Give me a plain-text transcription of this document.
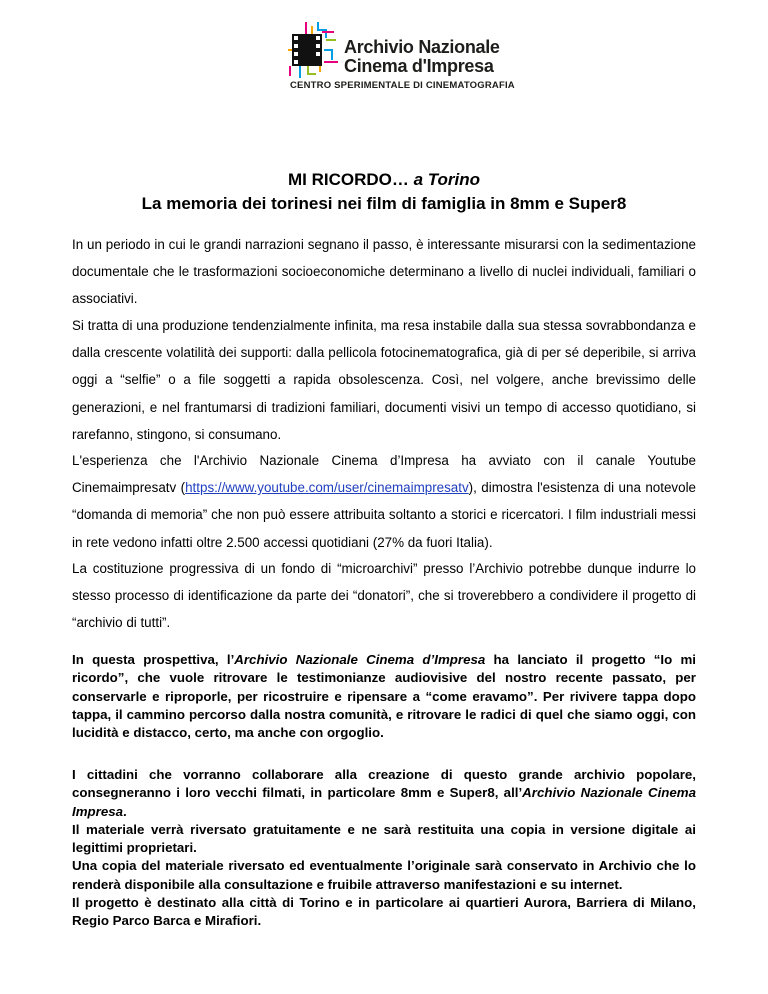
Archivio Nazionale
Cinema d'Impresa
CENTRO SPERIMENTALE DI CINEMATOGRAFIA
MI RICORDO… a Torino
La memoria dei torinesi nei film di famiglia in 8mm e Super8

In un periodo in cui le grandi narrazioni segnano il passo, è interessante misurarsi con la sedimentazione documentale che le trasformazioni socioeconomiche determinano a livello di nuclei individuali, familiari o associativi.

Si tratta di una produzione tendenzialmente infinita, ma resa instabile dalla sua stessa sovrabbondanza e dalla crescente volatilità dei supporti: dalla pellicola fotocinematografica, già di per sé deperibile, si arriva oggi a “selfie” o a file soggetti a rapida obsolescenza. Così, nel volgere, anche brevissimo delle generazioni, e nel frantumarsi di tradizioni familiari, documenti visivi un tempo di accesso quotidiano, si rarefanno, stingono, si consumano.

L'esperienza che l'Archivio Nazionale Cinema d’Impresa ha avviato con il canale Youtube Cinemaimpresatv (https://www.youtube.com/user/cinemaimpresatv), dimostra l'esistenza di una notevole “domanda di memoria” che non può essere attribuita soltanto a storici e ricercatori. I film industriali messi in rete vedono infatti oltre 2.500 accessi quotidiani (27% da fuori Italia).

La costituzione progressiva di un fondo di “microarchivi” presso l’Archivio potrebbe dunque indurre lo stesso processo di identificazione da parte dei “donatori”, che si troverebbero a condividere il progetto di “archivio di tutti”.

In questa prospettiva, l’Archivio Nazionale Cinema d’Impresa ha lanciato il progetto “Io mi ricordo”, che vuole ritrovare le testimonianze audiovisive del nostro recente passato, per conservarle e riproporle, per ricostruire e ripensare a “come eravamo”. Per rivivere tappa dopo tappa, il cammino percorso dalla nostra comunità, e ritrovare le radici di quel che siamo oggi, con lucidità e distacco, certo, ma anche con orgoglio.

I cittadini che vorranno collaborare alla creazione di questo grande archivio popolare, consegneranno i loro vecchi filmati, in particolare 8mm e Super8, all’Archivio Nazionale Cinema Impresa.
Il materiale verrà riversato gratuitamente e ne sarà restituita una copia in versione digitale ai legittimi proprietari.
Una copia del materiale riversato ed eventualmente l’originale sarà conservato in Archivio che lo renderà disponibile alla consultazione e fruibile attraverso manifestazioni e su internet.
Il progetto è destinato alla città di Torino e in particolare ai quartieri Aurora, Barriera di Milano, Regio Parco Barca e Mirafiori.
